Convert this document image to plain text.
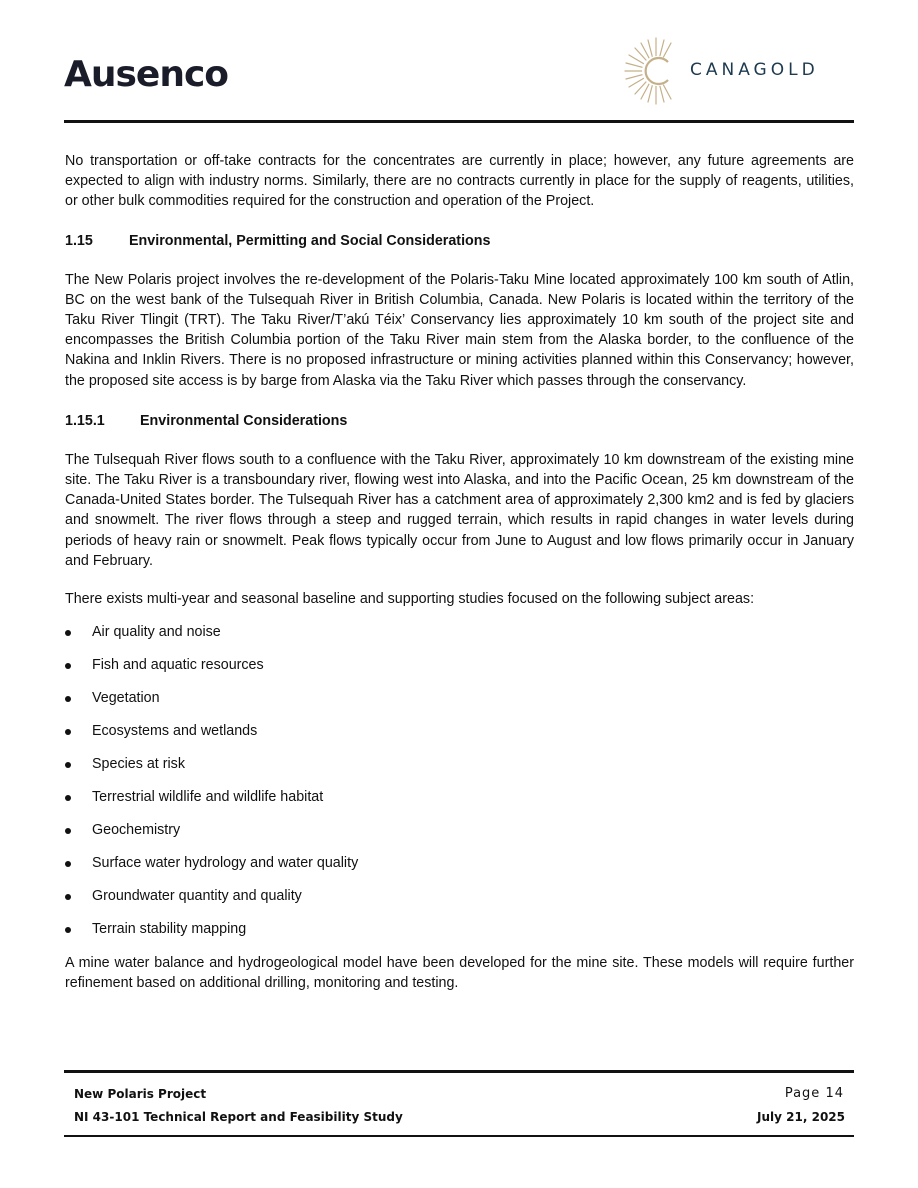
Ausenco	CANAGOLD

No transportation or off-take contracts for the concentrates are currently in place; however, any future agreements are expected to align with industry norms. Similarly, there are no contracts currently in place for the supply of reagents, utilities, or other bulk commodities required for the construction and operation of the Project.

1.15	Environmental, Permitting and Social Considerations

The New Polaris project involves the re-development of the Polaris-Taku Mine located approximately 100 km south of Atlin, BC on the west bank of the Tulsequah River in British Columbia, Canada. New Polaris is located within the territory of the Taku River Tlingit (TRT). The Taku River/T’akú Téix’ Conservancy lies approximately 10 km south of the project site and encompasses the British Columbia portion of the Taku River main stem from the Alaska border, to the confluence of the Nakina and Inklin Rivers. There is no proposed infrastructure or mining activities planned within this Conservancy; however, the proposed site access is by barge from Alaska via the Taku River which passes through the conservancy.

1.15.1 Environmental Considerations

The Tulsequah River flows south to a confluence with the Taku River, approximately 10 km downstream of the existing mine site. The Taku River is a transboundary river, flowing west into Alaska, and into the Pacific Ocean, 25 km downstream of the Canada-United States border. The Tulsequah River has a catchment area of approximately 2,300 km2 and is fed by glaciers and snowmelt. The river flows through a steep and rugged terrain, which results in rapid changes in water levels during periods of heavy rain or snowmelt. Peak flows typically occur from June to August and low flows primarily occur in January and February.

There exists multi-year and seasonal baseline and supporting studies focused on the following subject areas:

Air quality and noise
Fish and aquatic resources
Vegetation
Ecosystems and wetlands
Species at risk
Terrestrial wildlife and wildlife habitat
Geochemistry
Surface water hydrology and water quality
Groundwater quantity and quality
Terrain stability mapping

A mine water balance and hydrogeological model have been developed for the mine site. These models will require further refinement based on additional drilling, monitoring and testing.

New Polaris Project
NI 43-101 Technical Report and Feasibility Study
Page 14
July 21, 2025
